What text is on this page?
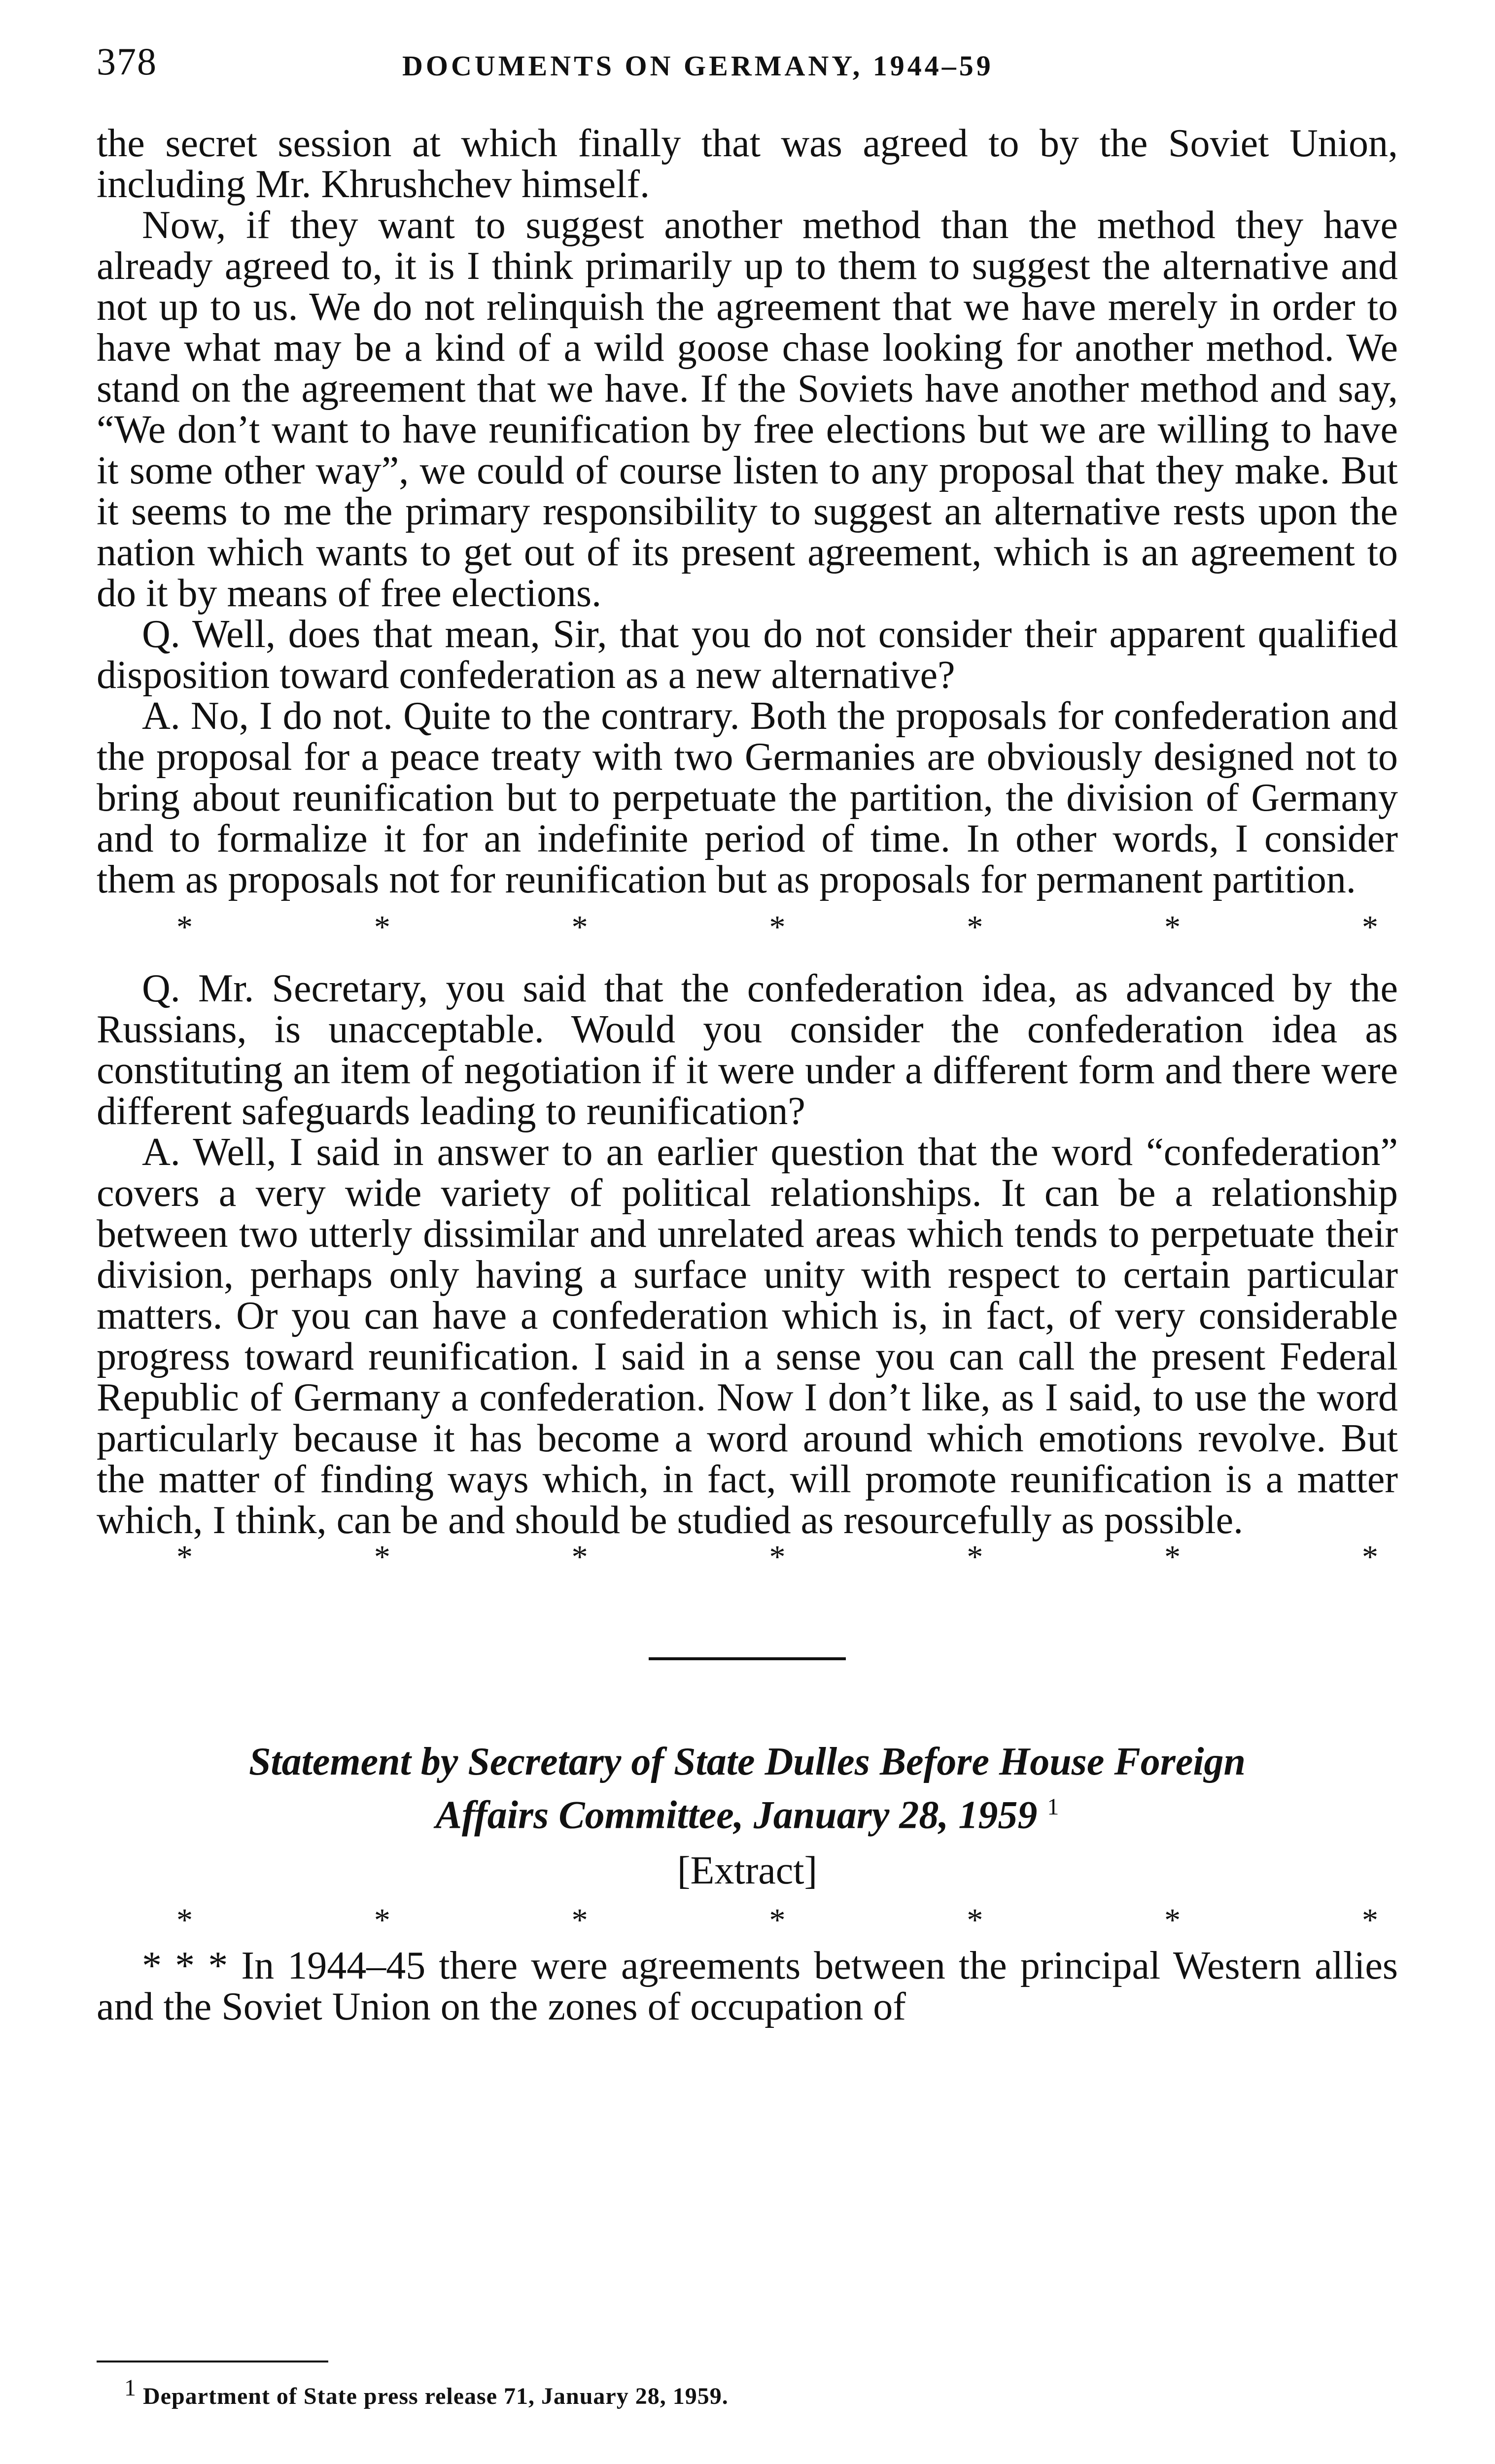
378	DOCUMENTS ON GERMANY, 1944–59

the secret session at which finally that was agreed to by the Soviet Union, including Mr. Khrushchev himself.

Now, if they want to suggest another method than the method they have already agreed to, it is I think primarily up to them to suggest the alternative and not up to us. We do not relinquish the agreement that we have merely in order to have what may be a kind of a wild goose chase looking for another method. We stand on the agreement that we have. If the Soviets have another method and say, “We don’t want to have reunification by free elections but we are willing to have it some other way”, we could of course listen to any proposal that they make. But it seems to me the primary responsibility to suggest an alternative rests upon the nation which wants to get out of its present agreement, which is an agreement to do it by means of free elections.

Q. Well, does that mean, Sir, that you do not consider their apparent qualified disposition toward confederation as a new alternative?

A. No, I do not. Quite to the contrary. Both the proposals for confederation and the proposal for a peace treaty with two Germanies are obviously designed not to bring about reunification but to perpetuate the partition, the division of Germany and to formalize it for an indefinite period of time. In other words, I consider them as proposals not for reunification but as proposals for permanent partition.

*	*	*	*	*	*	*

Q. Mr. Secretary, you said that the confederation idea, as advanced by the Russians, is unacceptable. Would you consider the confederation idea as constituting an item of negotiation if it were under a different form and there were different safeguards leading to reunification?

A. Well, I said in answer to an earlier question that the word “confederation” covers a very wide variety of political relationships. It can be a relationship between two utterly dissimilar and unrelated areas which tends to perpetuate their division, perhaps only having a surface unity with respect to certain particular matters. Or you can have a confederation which is, in fact, of very considerable progress toward reunification. I said in a sense you can call the present Federal Republic of Germany a confederation. Now I don’t like, as I said, to use the word particularly because it has become a word around which emotions revolve. But the matter of finding ways which, in fact, will promote reunification is a matter which, I think, can be and should be studied as resourcefully as possible.

*	*	*	*	*	*	*
Statement by Secretary of State Dulles Before House Foreign
Affairs Committee, January 28, 1959 $^1$
[Extract]
*	*	*	*	*	*	*

* * * In 1944–45 there were agreements between the principal Western allies and the Soviet Union on the zones of occupation of

$^1$ Department of State press release 71, January 28, 1959.
